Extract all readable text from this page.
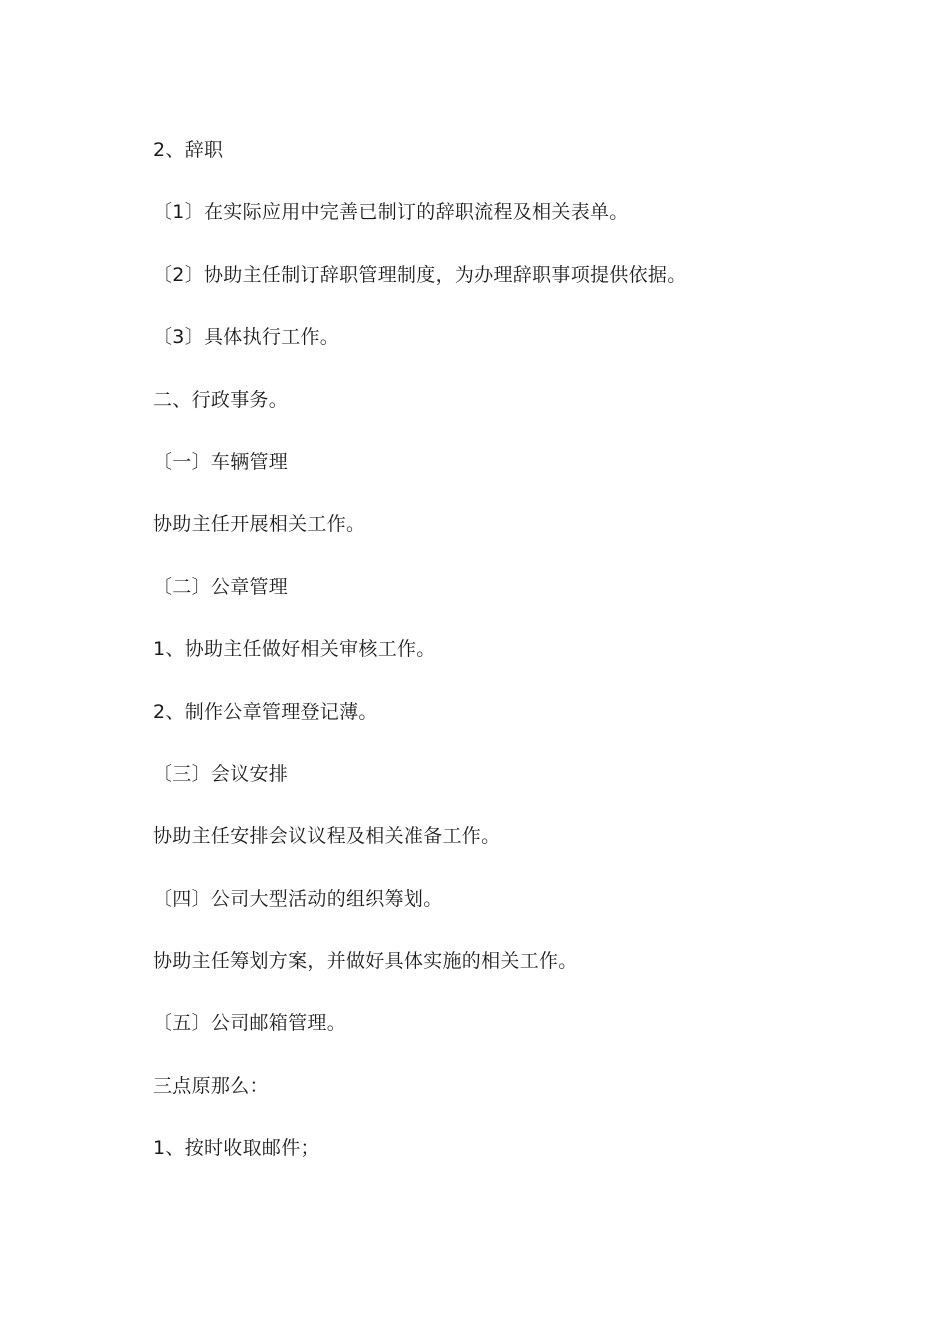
2、辞职
〔1〕在实际应用中完善已制订的辞职流程及相关表单。
〔2〕协助主任制订辞职管理制度，为办理辞职事项提供依据。
〔3〕具体执行工作。
二、行政事务。
〔一〕车辆管理
协助主任开展相关工作。
〔二〕公章管理
1、协助主任做好相关审核工作。
2、制作公章管理登记薄。
〔三〕会议安排
协助主任安排会议议程及相关准备工作。
〔四〕公司大型活动的组织筹划。
协助主任筹划方案，并做好具体实施的相关工作。
〔五〕公司邮箱管理。
三点原那么：
1、按时收取邮件；
